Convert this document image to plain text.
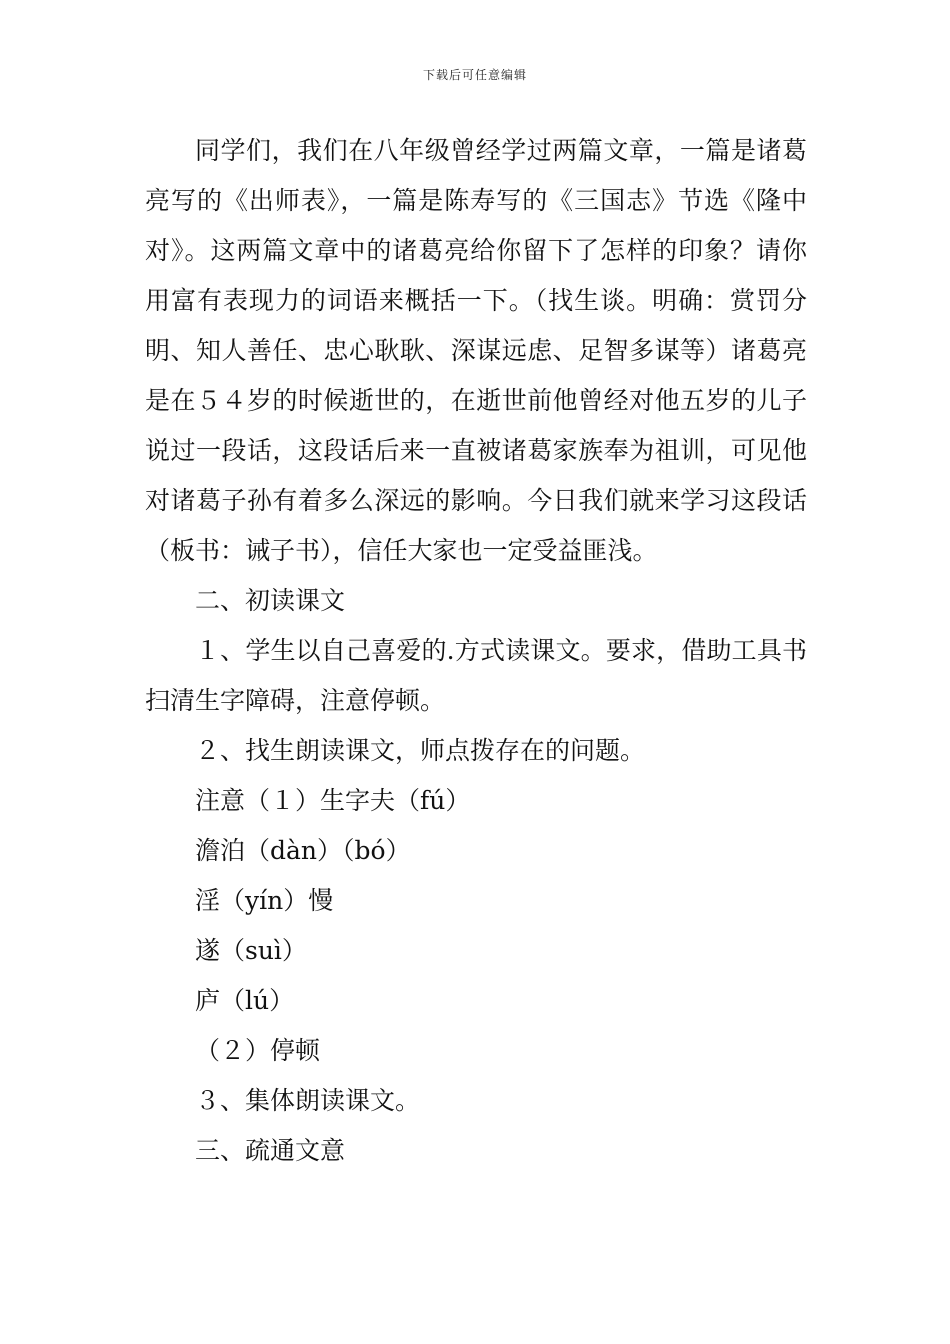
下载后可任意编辑

同学们，我们在八年级曾经学过两篇文章，一篇是诸葛亮写的《出师表》，一篇是陈寿写的《三国志》节选《隆中对》。这两篇文章中的诸葛亮给你留下了怎样的印象？请你用富有表现力的词语来概括一下。（找生谈。明确：赏罚分明、知人善任、忠心耿耿、深谋远虑、足智多谋等）诸葛亮是在５４岁的时候逝世的，在逝世前他曾经对他五岁的儿子说过一段话，这段话后来一直被诸葛家族奉为祖训，可见他对诸葛子孙有着多么深远的影响。今日我们就来学习这段话（板书：诫子书），信任大家也一定受益匪浅。

二、初读课文

１、学生以自己喜爱的.方式读课文。要求，借助工具书扫清生字障碍，注意停顿。

２、找生朗读课文，师点拨存在的问题。

注意（１）生字夫（fú）

澹泊（dàn）（bó）

淫（yín）慢

遂（suì）

庐（lú）

（２）停顿

３、集体朗读课文。

三、疏通文意
